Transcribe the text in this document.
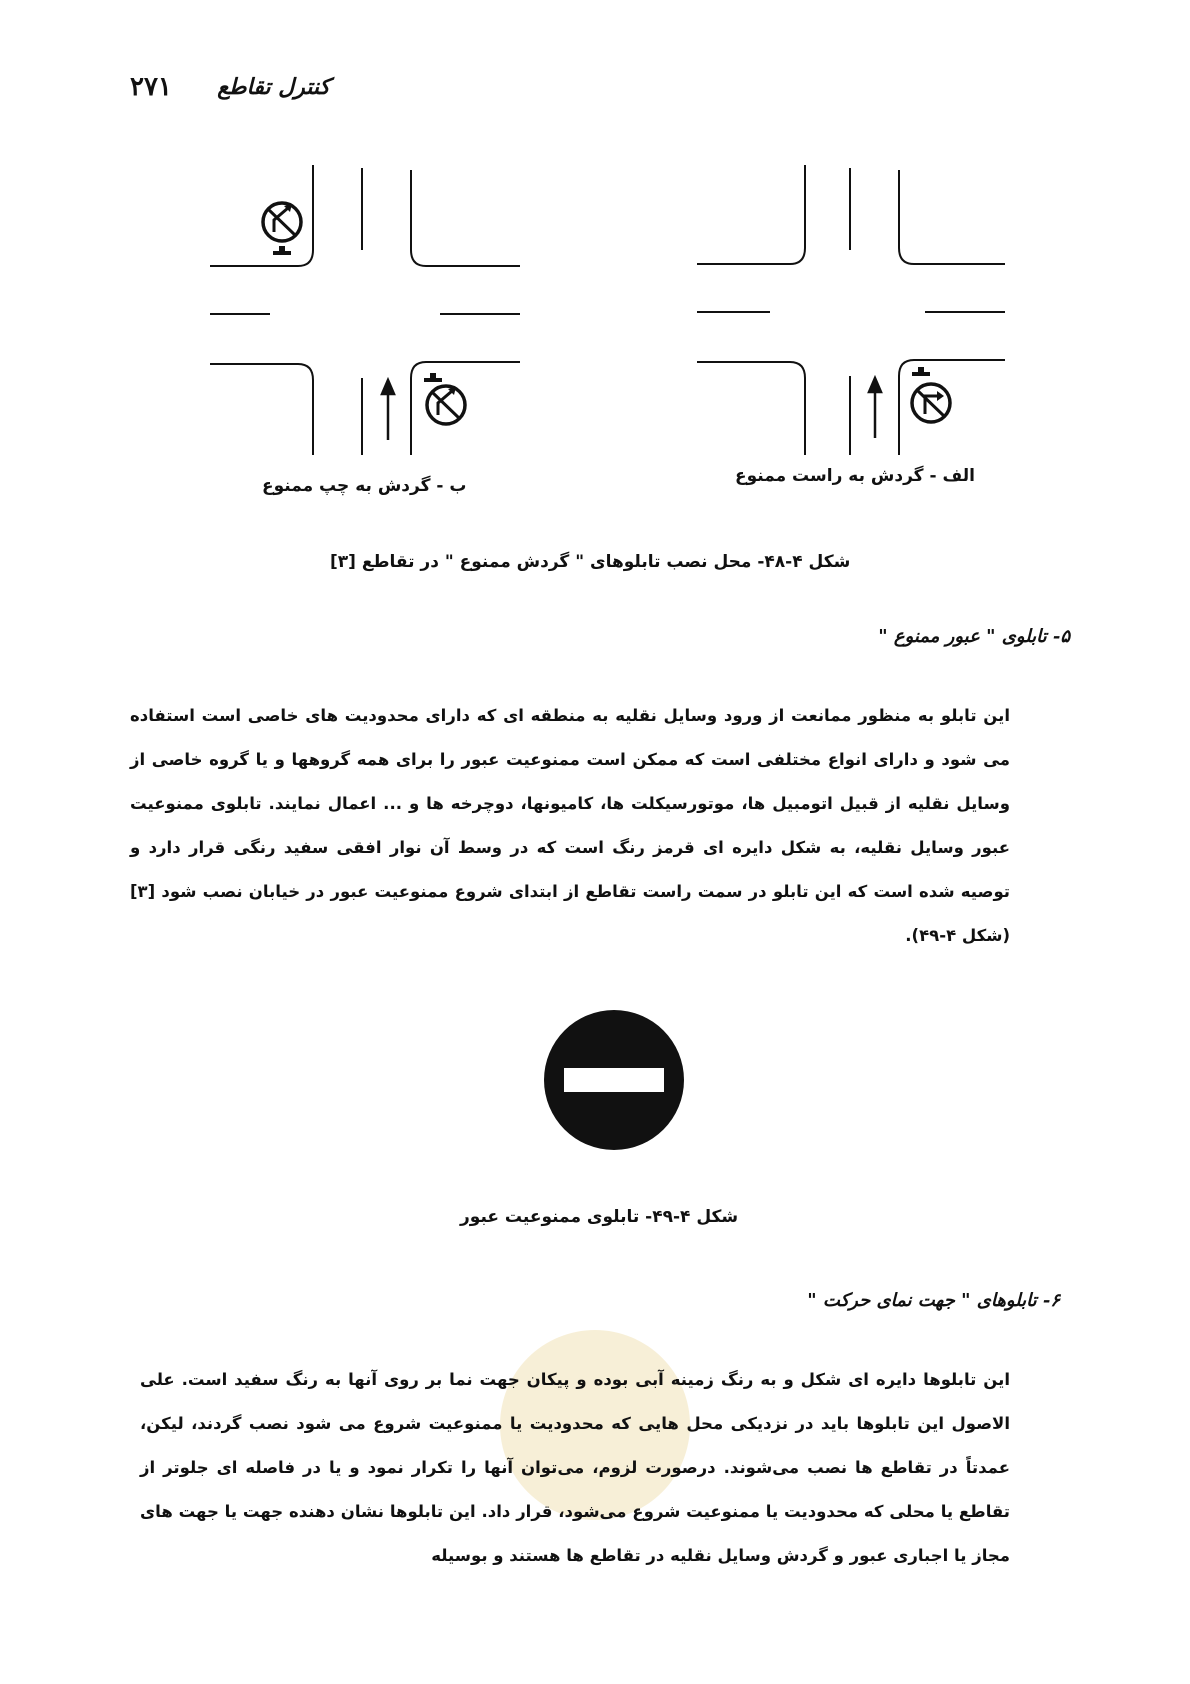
۲۷۱ کنترل تقاطع
الف - گردش به راست ممنوع
ب - گردش به چپ ممنوع
شکل ۴-۴۸- محل نصب تابلوهای " گردش ممنوع " در تقاطع [۳]
۵- تابلوی " عبور ممنوع "
این تابلو به منظور ممانعت از ورود وسایل نقلیه به منطقه ای که دارای محدودیت های خاصی است استفاده می شود و دارای انواع مختلفی است که ممکن است ممنوعیت عبور را برای همه گروهها و یا گروه خاصی از وسایل نقلیه از قبیل اتومبیل ها، موتورسیکلت ها، کامیونها، دوچرخه ها و ... اعمال نمایند. تابلوی ممنوعیت عبور وسایل نقلیه، به شکل دایره ای قرمز رنگ است که در وسط آن نوار افقی سفید رنگی قرار دارد و توصیه شده است که این تابلو در سمت راست تقاطع از ابتدای شروع ممنوعیت عبور در خیابان نصب شود [۳] (شکل ۴-۴۹).
شکل ۴-۴۹- تابلوی ممنوعیت عبور
۶- تابلوهای " جهت نمای حرکت "
این تابلوها دایره ای شکل و به رنگ زمینه آبی بوده و پیکان جهت نما بر روی آنها به رنگ سفید است. علی الاصول این تابلوها باید در نزدیکی محل هایی که محدودیت یا ممنوعیت شروع می شود نصب گردند، لیکن، عمدتاً در تقاطع ها نصب می‌شوند. درصورت لزوم، می‌توان آنها را تکرار نمود و یا در فاصله ای جلوتر از تقاطع یا محلی که محدودیت یا ممنوعیت شروع می‌شود، قرار داد. این تابلوها نشان دهنده جهت یا جهت های مجاز یا اجباری عبور و گردش وسایل نقلیه در تقاطع ها هستند و بوسیله
